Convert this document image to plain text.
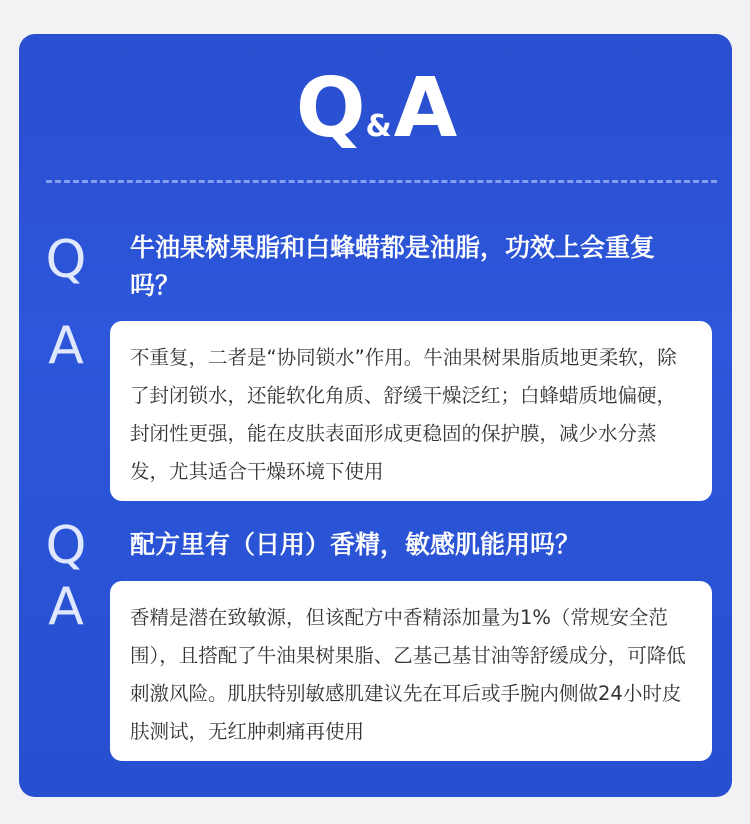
Q & A
Q	牛油果树果脂和白蜂蜡都是油脂，功效上会重复吗？
A	不重复，二者是“协同锁水”作用。牛油果树果脂质地更柔软，除了封闭锁水，还能软化角质、舒缓干燥泛红；白蜂蜡质地偏硬，封闭性更强，能在皮肤表面形成更稳固的保护膜，减少水分蒸发，尤其适合干燥环境下使用
Q	配方里有（日用）香精，敏感肌能用吗？
A	香精是潜在致敏源，但该配方中香精添加量为1%（常规安全范围），且搭配了牛油果树果脂、乙基己基甘油等舒缓成分，可降低刺激风险。肌肤特别敏感肌建议先在耳后或手腕内侧做24小时皮肤测试，无红肿刺痛再使用
